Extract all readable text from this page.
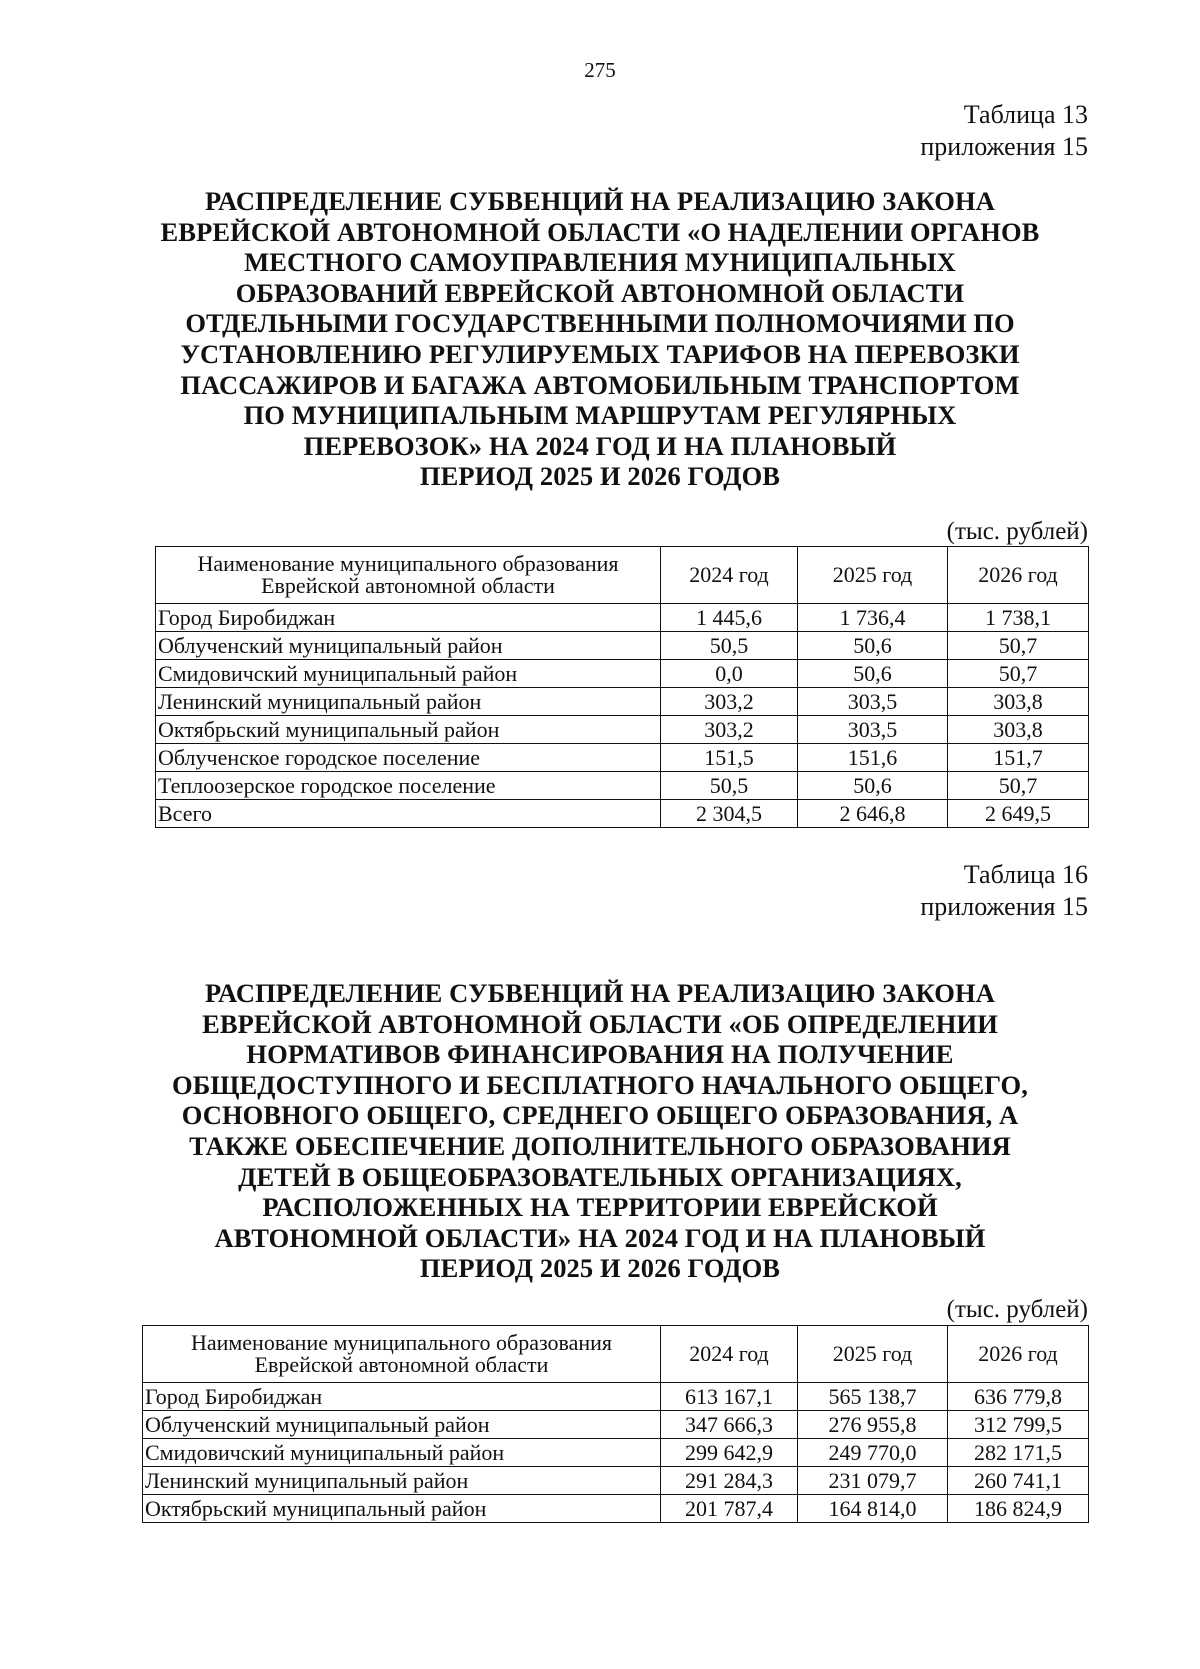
275
Таблица 13
приложения 15
РАСПРЕДЕЛЕНИЕ СУБВЕНЦИЙ НА РЕАЛИЗАЦИЮ ЗАКОНА
ЕВРЕЙСКОЙ АВТОНОМНОЙ ОБЛАСТИ «О НАДЕЛЕНИИ ОРГАНОВ
МЕСТНОГО САМОУПРАВЛЕНИЯ МУНИЦИПАЛЬНЫХ
ОБРАЗОВАНИЙ ЕВРЕЙСКОЙ АВТОНОМНОЙ ОБЛАСТИ
ОТДЕЛЬНЫМИ ГОСУДАРСТВЕННЫМИ ПОЛНОМОЧИЯМИ ПО
УСТАНОВЛЕНИЮ РЕГУЛИРУЕМЫХ ТАРИФОВ НА ПЕРЕВОЗКИ
ПАССАЖИРОВ И БАГАЖА АВТОМОБИЛЬНЫМ ТРАНСПОРТОМ
ПО МУНИЦИПАЛЬНЫМ МАРШРУТАМ РЕГУЛЯРНЫХ
ПЕРЕВОЗОК» НА 2024 ГОД И НА ПЛАНОВЫЙ
ПЕРИОД 2025 И 2026 ГОДОВ
(тыс. рублей)
Наименование муниципального образования
Еврейской автономной области	2024 год	2025 год	2026 год
Город Биробиджан	1 445,6	1 736,4	1 738,1
Облученский муниципальный район	50,5	50,6	50,7
Смидовичский муниципальный район	0,0	50,6	50,7
Ленинский муниципальный район	303,2	303,5	303,8
Октябрьский муниципальный район	303,2	303,5	303,8
Облученское городское поселение	151,5	151,6	151,7
Теплоозерское городское поселение	50,5	50,6	50,7
Всего	2 304,5	2 646,8	2 649,5
Таблица 16
приложения 15
РАСПРЕДЕЛЕНИЕ СУБВЕНЦИЙ НА РЕАЛИЗАЦИЮ ЗАКОНА
ЕВРЕЙСКОЙ АВТОНОМНОЙ ОБЛАСТИ «ОБ ОПРЕДЕЛЕНИИ
НОРМАТИВОВ ФИНАНСИРОВАНИЯ НА ПОЛУЧЕНИЕ
ОБЩЕДОСТУПНОГО И БЕСПЛАТНОГО НАЧАЛЬНОГО ОБЩЕГО,
ОСНОВНОГО ОБЩЕГО, СРЕДНЕГО ОБЩЕГО ОБРАЗОВАНИЯ, А
ТАКЖЕ ОБЕСПЕЧЕНИЕ ДОПОЛНИТЕЛЬНОГО ОБРАЗОВАНИЯ
ДЕТЕЙ В ОБЩЕОБРАЗОВАТЕЛЬНЫХ ОРГАНИЗАЦИЯХ,
РАСПОЛОЖЕННЫХ НА ТЕРРИТОРИИ ЕВРЕЙСКОЙ
АВТОНОМНОЙ ОБЛАСТИ» НА 2024 ГОД И НА ПЛАНОВЫЙ
ПЕРИОД 2025 И 2026 ГОДОВ
(тыс. рублей)
Наименование муниципального образования
Еврейской автономной области	2024 год	2025 год	2026 год
Город Биробиджан	613 167,1	565 138,7	636 779,8
Облученский муниципальный район	347 666,3	276 955,8	312 799,5
Смидовичский муниципальный район	299 642,9	249 770,0	282 171,5
Ленинский муниципальный район	291 284,3	231 079,7	260 741,1
Октябрьский муниципальный район	201 787,4	164 814,0	186 824,9
